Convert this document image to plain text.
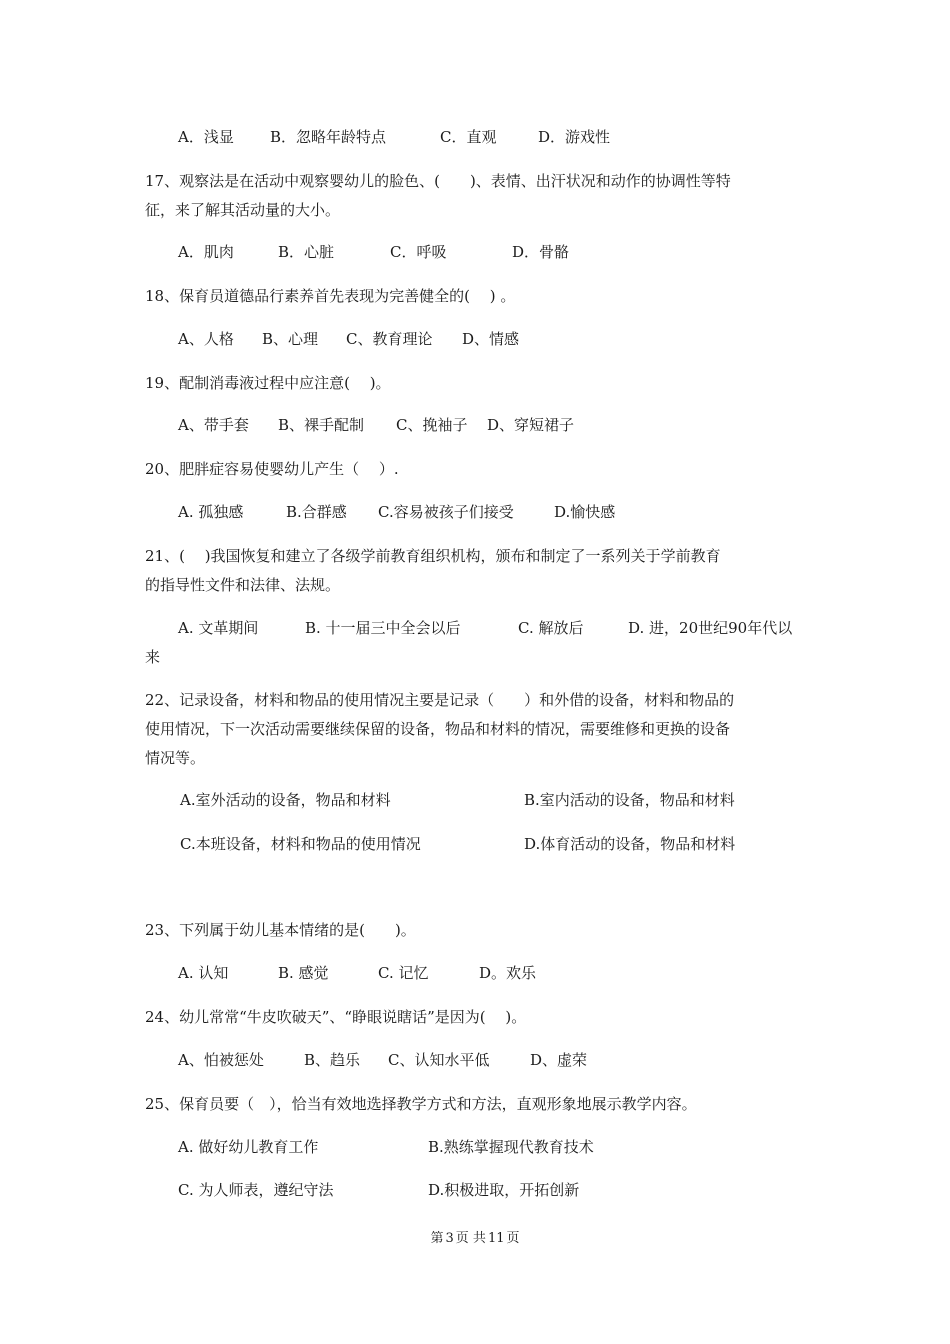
A．浅显 B．忽略年龄特点	C．直观	D．游戏性
17、观察法是在活动中观察婴幼儿的脸色、(　　)、表情、出汗状况和动作的协调性等特
征，来了解其活动量的大小。
A．肌肉	B．心脏	C．呼吸	D．骨骼
18、保育员道德品行素养首先表现为完善健全的(　 ) 。
A、人格 B、心理 C、教育理论 D、情感
19、配制消毒液过程中应注意(　 )。
A、带手套 B、裸手配制 C、挽袖子 D、穿短裙子
20、肥胖症容易使婴幼儿产生（　 ）.
A. 孤独感	B.合群感 C.容易被孩子们接受	D.愉快感
21、(　 )我国恢复和建立了各级学前教育组织机构，颁布和制定了一系列关于学前教育
的指导性文件和法律、法规。
A. 文革期间	B. 十一届三中全会以后	C. 解放后	D. 进，20世纪90年代以
来
22、记录设备，材料和物品的使用情况主要是记录（　　）和外借的设备，材料和物品的
使用情况，下一次活动需要继续保留的设备，物品和材料的情况，需要维修和更换的设备
情况等。
A.室外活动的设备，物品和材料	B.室内活动的设备，物品和材料
C.本班设备，材料和物品的使用情况	D.体育活动的设备，物品和材料
23、下列属于幼儿基本情绪的是(　　)。
A. 认知	B. 感觉	C. 记忆	D。欢乐
24、幼儿常常“牛皮吹破天”、“睁眼说瞎话”是因为(　 )。
A、怕被惩处	B、趋乐 C、认知水平低	D、虚荣
25、保育员要（　），恰当有效地选择教学方式和方法，直观形象地展示教学内容。
A. 做好幼儿教育工作	B.熟练掌握现代教育技术
C. 为人师表，遵纪守法	D.积极进取，开拓创新
第 3 页 共 11 页
